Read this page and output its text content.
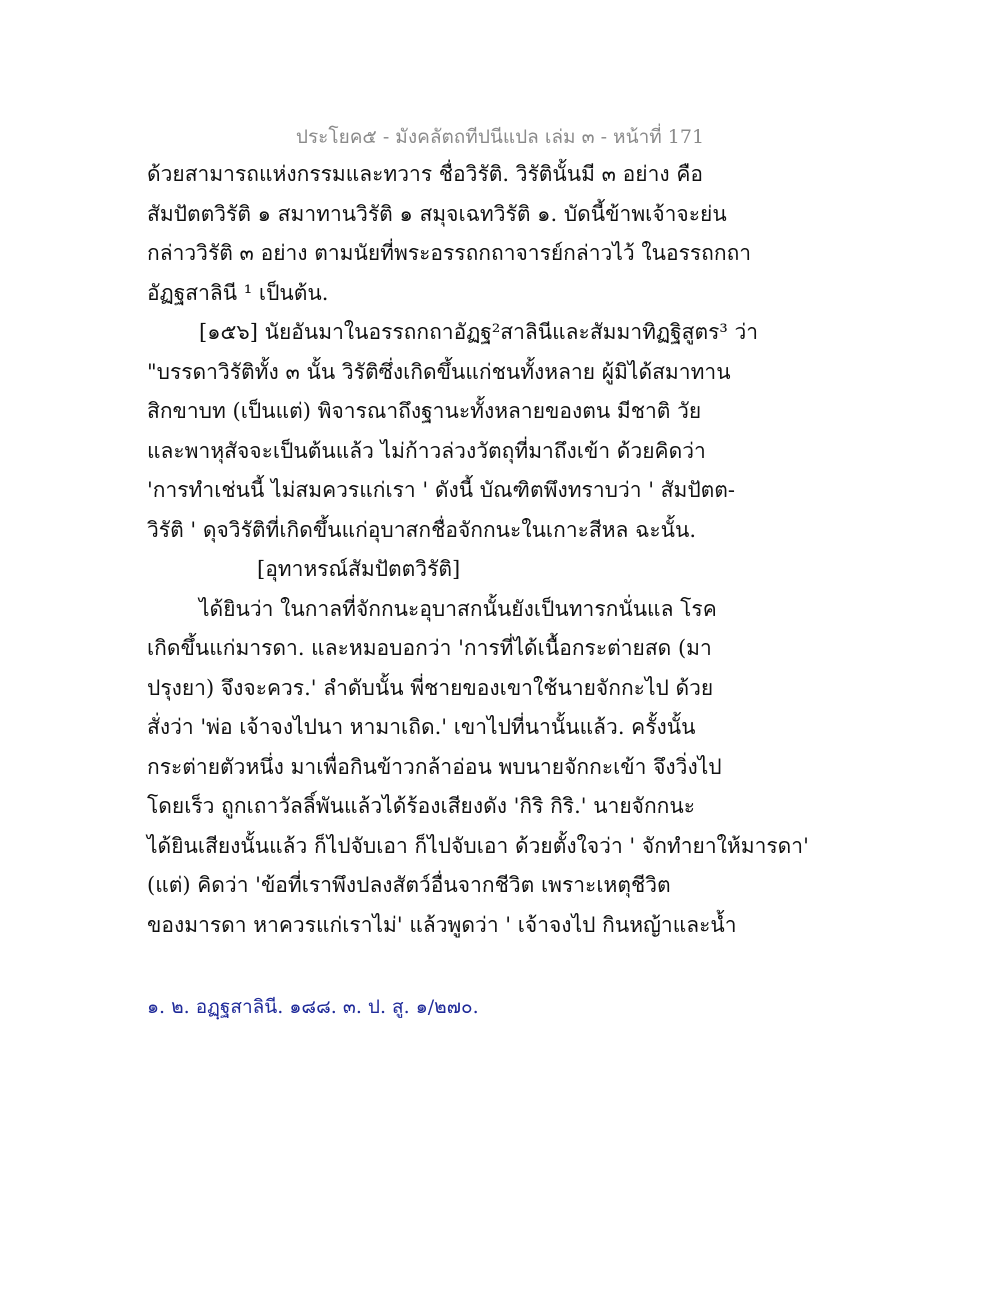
ประโยค๕ - มังคลัตถทีปนีแปล เล่ม ๓ - หน้าที่ 171
ด้วยสามารถแห่งกรรมและทวาร ชื่อวิรัติ. วิรัตินั้นมี ๓ อย่าง คือ
สัมปัตตวิรัติ ๑ สมาทานวิรัติ ๑ สมุจเฉทวิรัติ ๑. บัดนี้ข้าพเจ้าจะย่น
กล่าววิรัติ ๓ อย่าง ตามนัยที่พระอรรถกถาจารย์กล่าวไว้ ในอรรถกถา
อัฏฐสาลินี ¹ เป็นต้น.
[๑๕๖] นัยอันมาในอรรถกถาอัฏฐ²สาลินีและสัมมาทิฏฐิสูตร³ ว่า
"บรรดาวิรัติทั้ง ๓ นั้น วิรัติซึ่งเกิดขึ้นแก่ชนทั้งหลาย ผู้มิได้สมาทาน
สิกขาบท (เป็นแต่) พิจารณาถึงฐานะทั้งหลายของตน มีชาติ วัย
และพาหุสัจจะเป็นต้นแล้ว ไม่ก้าวล่วงวัตถุที่มาถึงเข้า ด้วยคิดว่า
'การทำเช่นนี้ ไม่สมควรแก่เรา ' ดังนี้ บัณฑิตพึงทราบว่า ' สัมปัตต-
วิรัติ ' ดุจวิรัติที่เกิดขึ้นแก่อุบาสกชื่อจักกนะในเกาะสีหล ฉะนั้น.
[อุทาหรณ์สัมปัตตวิรัติ]
ได้ยินว่า ในกาลที่จักกนะอุบาสกนั้นยังเป็นทารกนั่นแล โรค
เกิดขึ้นแก่มารดา. และหมอบอกว่า 'การที่ได้เนื้อกระต่ายสด (มา
ปรุงยา) จึงจะควร.' ลำดับนั้น พี่ชายของเขาใช้นายจักกะไป ด้วย
สั่งว่า 'พ่อ เจ้าจงไปนา หามาเถิด.' เขาไปที่นานั้นแล้ว. ครั้งนั้น
กระต่ายตัวหนึ่ง มาเพื่อกินข้าวกล้าอ่อน พบนายจักกะเข้า จึงวิ่งไป
โดยเร็ว ถูกเถาวัลลิ์พันแล้วได้ร้องเสียงดัง 'กิริ กิริ.' นายจักกนะ
ได้ยินเสียงนั้นแล้ว ก็ไปจับเอา ก็ไปจับเอา ด้วยตั้งใจว่า ' จักทำยาให้มารดา'
(แต่) คิดว่า 'ข้อที่เราพึงปลงสัตว์อื่นจากชีวิต เพราะเหตุชีวิต
ของมารดา หาควรแก่เราไม่' แล้วพูดว่า ' เจ้าจงไป กินหญ้าและน้ำ
๑. ๒. อฏฺฐสาลินี. ๑๘๘. ๓. ป. สู. ๑/๒๗๐.
